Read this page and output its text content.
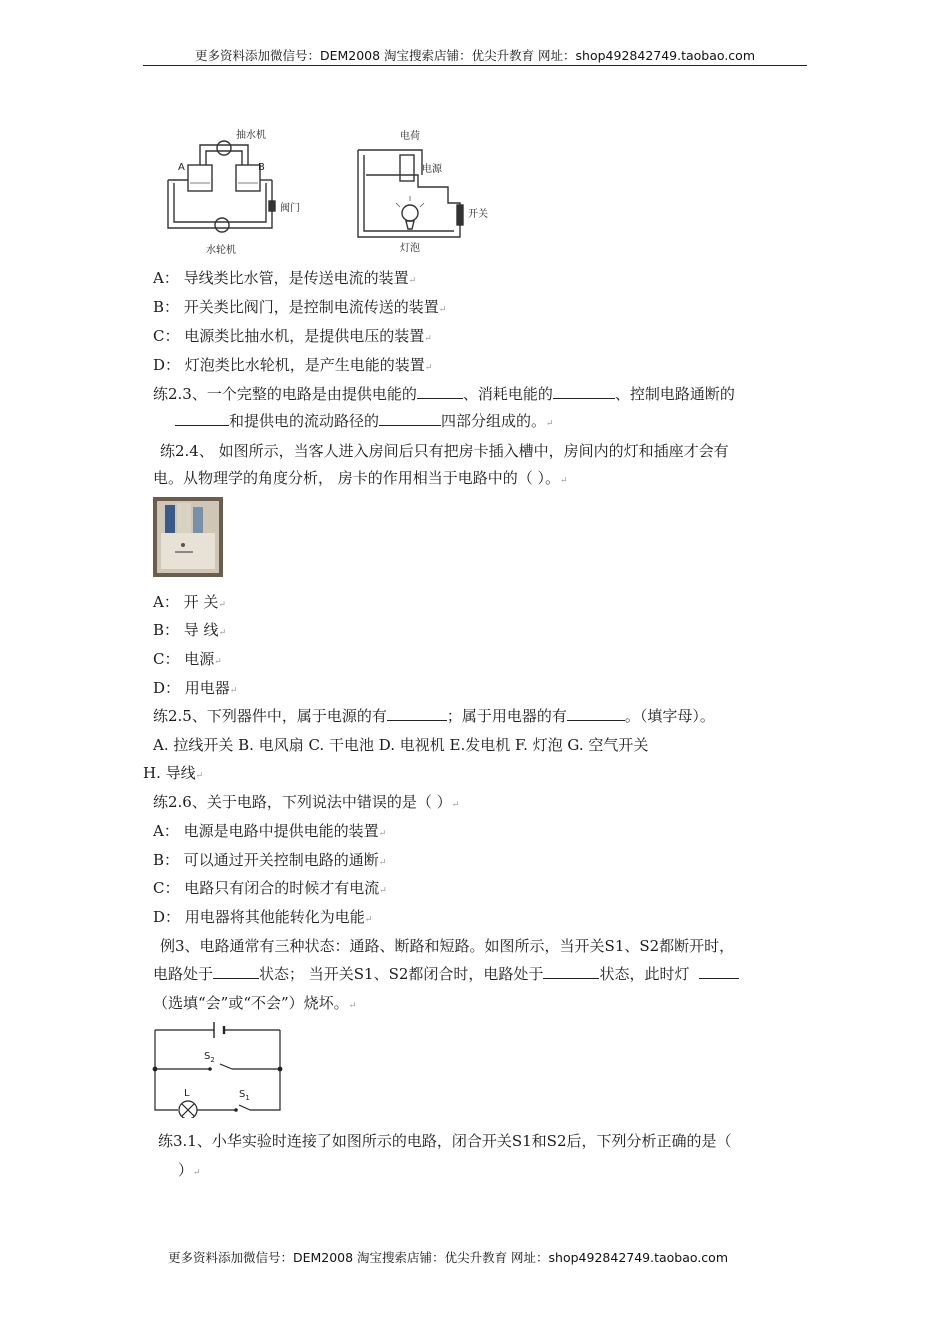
更多资料添加微信号：DEM2008 淘宝搜索店铺：优尖升教育 网址：shop492842749.taobao.com
抽水机
A	B
阀门
水轮机
电荷
电源
开关
灯泡
A： 导线类比水管，是传送电流的装置↵
B： 开关类比阀门，是控制电流传送的装置↵
C： 电源类比抽水机，是提供电压的装置↵
D： 灯泡类比水轮机，是产生电能的装置↵
练2.3、一个完整的电路是由提供电能的	、消耗电能的	、控制电路通断的
和提供电的流动路径的	四部分组成的。↵
练2.4、 如图所示，当客人进入房间后只有把房卡插入槽中，房间内的灯和插座才会有
电。从物理学的角度分析， 房卡的作用相当于电路中的（ ）。↵
A： 开 关↵
B： 导 线↵
C： 电源↵
D： 用电器↵
练2.5、下列器件中，属于电源的有	；属于用电器的有	。（填字母）。
A. 拉线开关 B. 电风扇 C. 干电池 D. 电视机 E.发电机 F. 灯泡 G. 空气开关
H. 导线↵
练2.6、关于电路，下列说法中错误的是（ ）↵
A： 电源是电路中提供电能的装置↵
B： 可以通过开关控制电路的通断↵
C： 电路只有闭合的时候才有电流↵
D： 用电器将其他能转化为电能↵
例3、电路通常有三种状态：通路、断路和短路。如图所示，当开关S1、S2都断开时，
电路处于	状态； 当开关S1、S2都闭合时，电路处于	状态，此时灯
（选填“会”或“不会”）烧坏。↵
$S_2$
L	$S_1$
练3.1、小华实验时连接了如图所示的电路，闭合开关S1和S2后，下列分析正确的是（
）↵
更多资料添加微信号：DEM2008 淘宝搜索店铺：优尖升教育 网址：shop492842749.taobao.com
